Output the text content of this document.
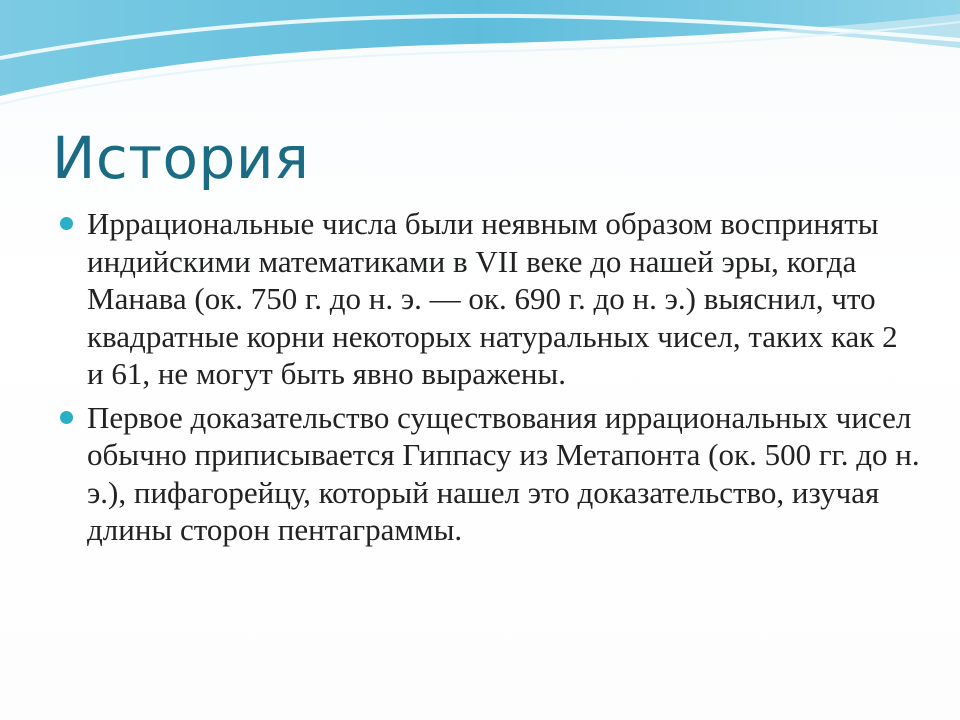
История
Иррациональные числа были неявным образом восприняты индийскими математиками в VII веке до нашей эры, когда Манава (ок. 750 г. до н. э. — ок. 690 г. до н. э.) выяснил, что квадратные корни некоторых натуральных чисел, таких как 2 и 61, не могут быть явно выражены.
Первое доказательство существования иррациональных чисел обычно приписывается Гиппасу из Метапонта (ок. 500 гг. до н. э.), пифагорейцу, который нашел это доказательство, изучая длины сторон пентаграммы.
